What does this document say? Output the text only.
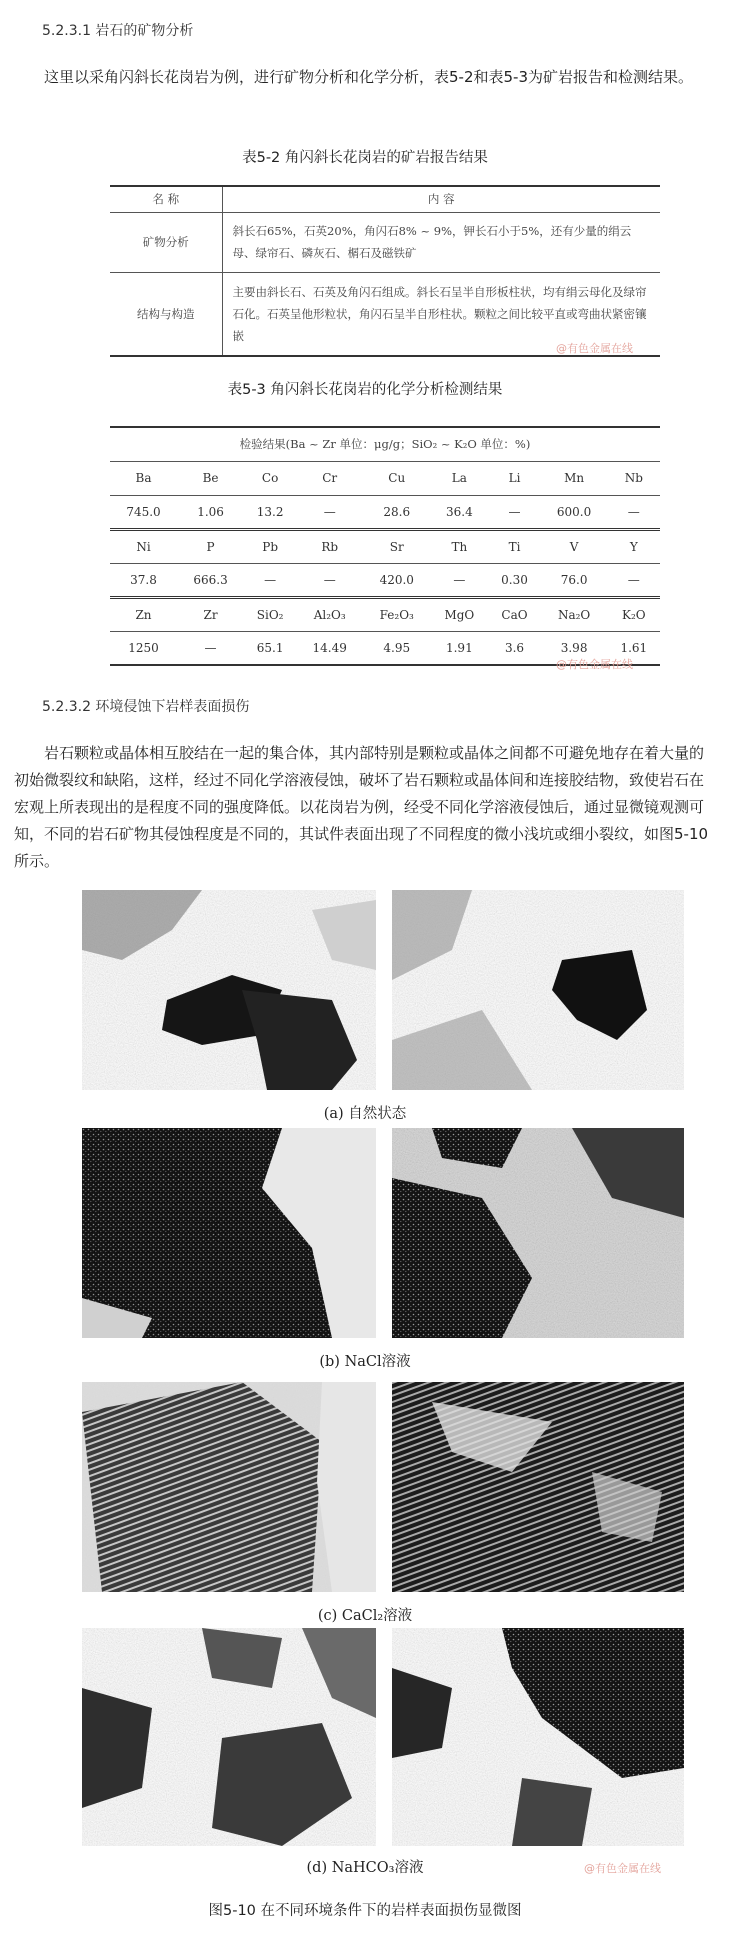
5.2.3.1 岩石的矿物分析
这里以采角闪斜长花岗岩为例，进行矿物分析和化学分析，表5-2和表5-3为矿岩报告和检测结果。
表5-2 角闪斜长花岗岩的矿岩报告结果
名 称	内 容
矿物分析	斜长石65%，石英20%，角闪石8% ~ 9%，钾长石小于5%，还有少量的绢云母、绿帘石、磷灰石、榍石及磁铁矿
结构与构造	主要由斜长石、石英及角闪石组成。斜长石呈半自形板柱状，均有绢云母化及绿帘石化。石英呈他形粒状，角闪石呈半自形柱状。颗粒之间比较平直或弯曲状紧密镶嵌
@有色金属在线
表5-3 角闪斜长花岗岩的化学分析检测结果
检验结果(Ba ~ Zr 单位：μg/g；SiO₂ ~ K₂O 单位：%)								
Ba	Be	Co	Cr	Cu	La	Li	Mn	Nb
745.0	1.06	13.2	—	28.6	36.4	—	600.0	—
Ni	P	Pb	Rb	Sr	Th	Ti	V	Y
37.8	666.3	—	—	420.0	—	0.30	76.0	—
Zn	Zr	SiO₂	Al₂O₃	Fe₂O₃	MgO	CaO	Na₂O	K₂O
1250	—	65.1	14.49	4.95	1.91	3.6	3.98	1.61
@有色金属在线
5.2.3.2 环境侵蚀下岩样表面损伤
岩石颗粒或晶体相互胶结在一起的集合体，其内部特别是颗粒或晶体之间都不可避免地存在着大量的初始微裂纹和缺陷，这样，经过不同化学溶液侵蚀，破坏了岩石颗粒或晶体间和连接胶结物，致使岩石在宏观上所表现出的是程度不同的强度降低。以花岗岩为例，经受不同化学溶液侵蚀后，通过显微镜观测可知，不同的岩石矿物其侵蚀程度是不同的，其试件表面出现了不同程度的微小浅坑或细小裂纹，如图5-10所示。
(a) 自然状态
(b) NaCl溶液
(c) CaCl₂溶液
(d) NaHCO₃溶液	@有色金属在线
图5-10 在不同环境条件下的岩样表面损伤显微图
